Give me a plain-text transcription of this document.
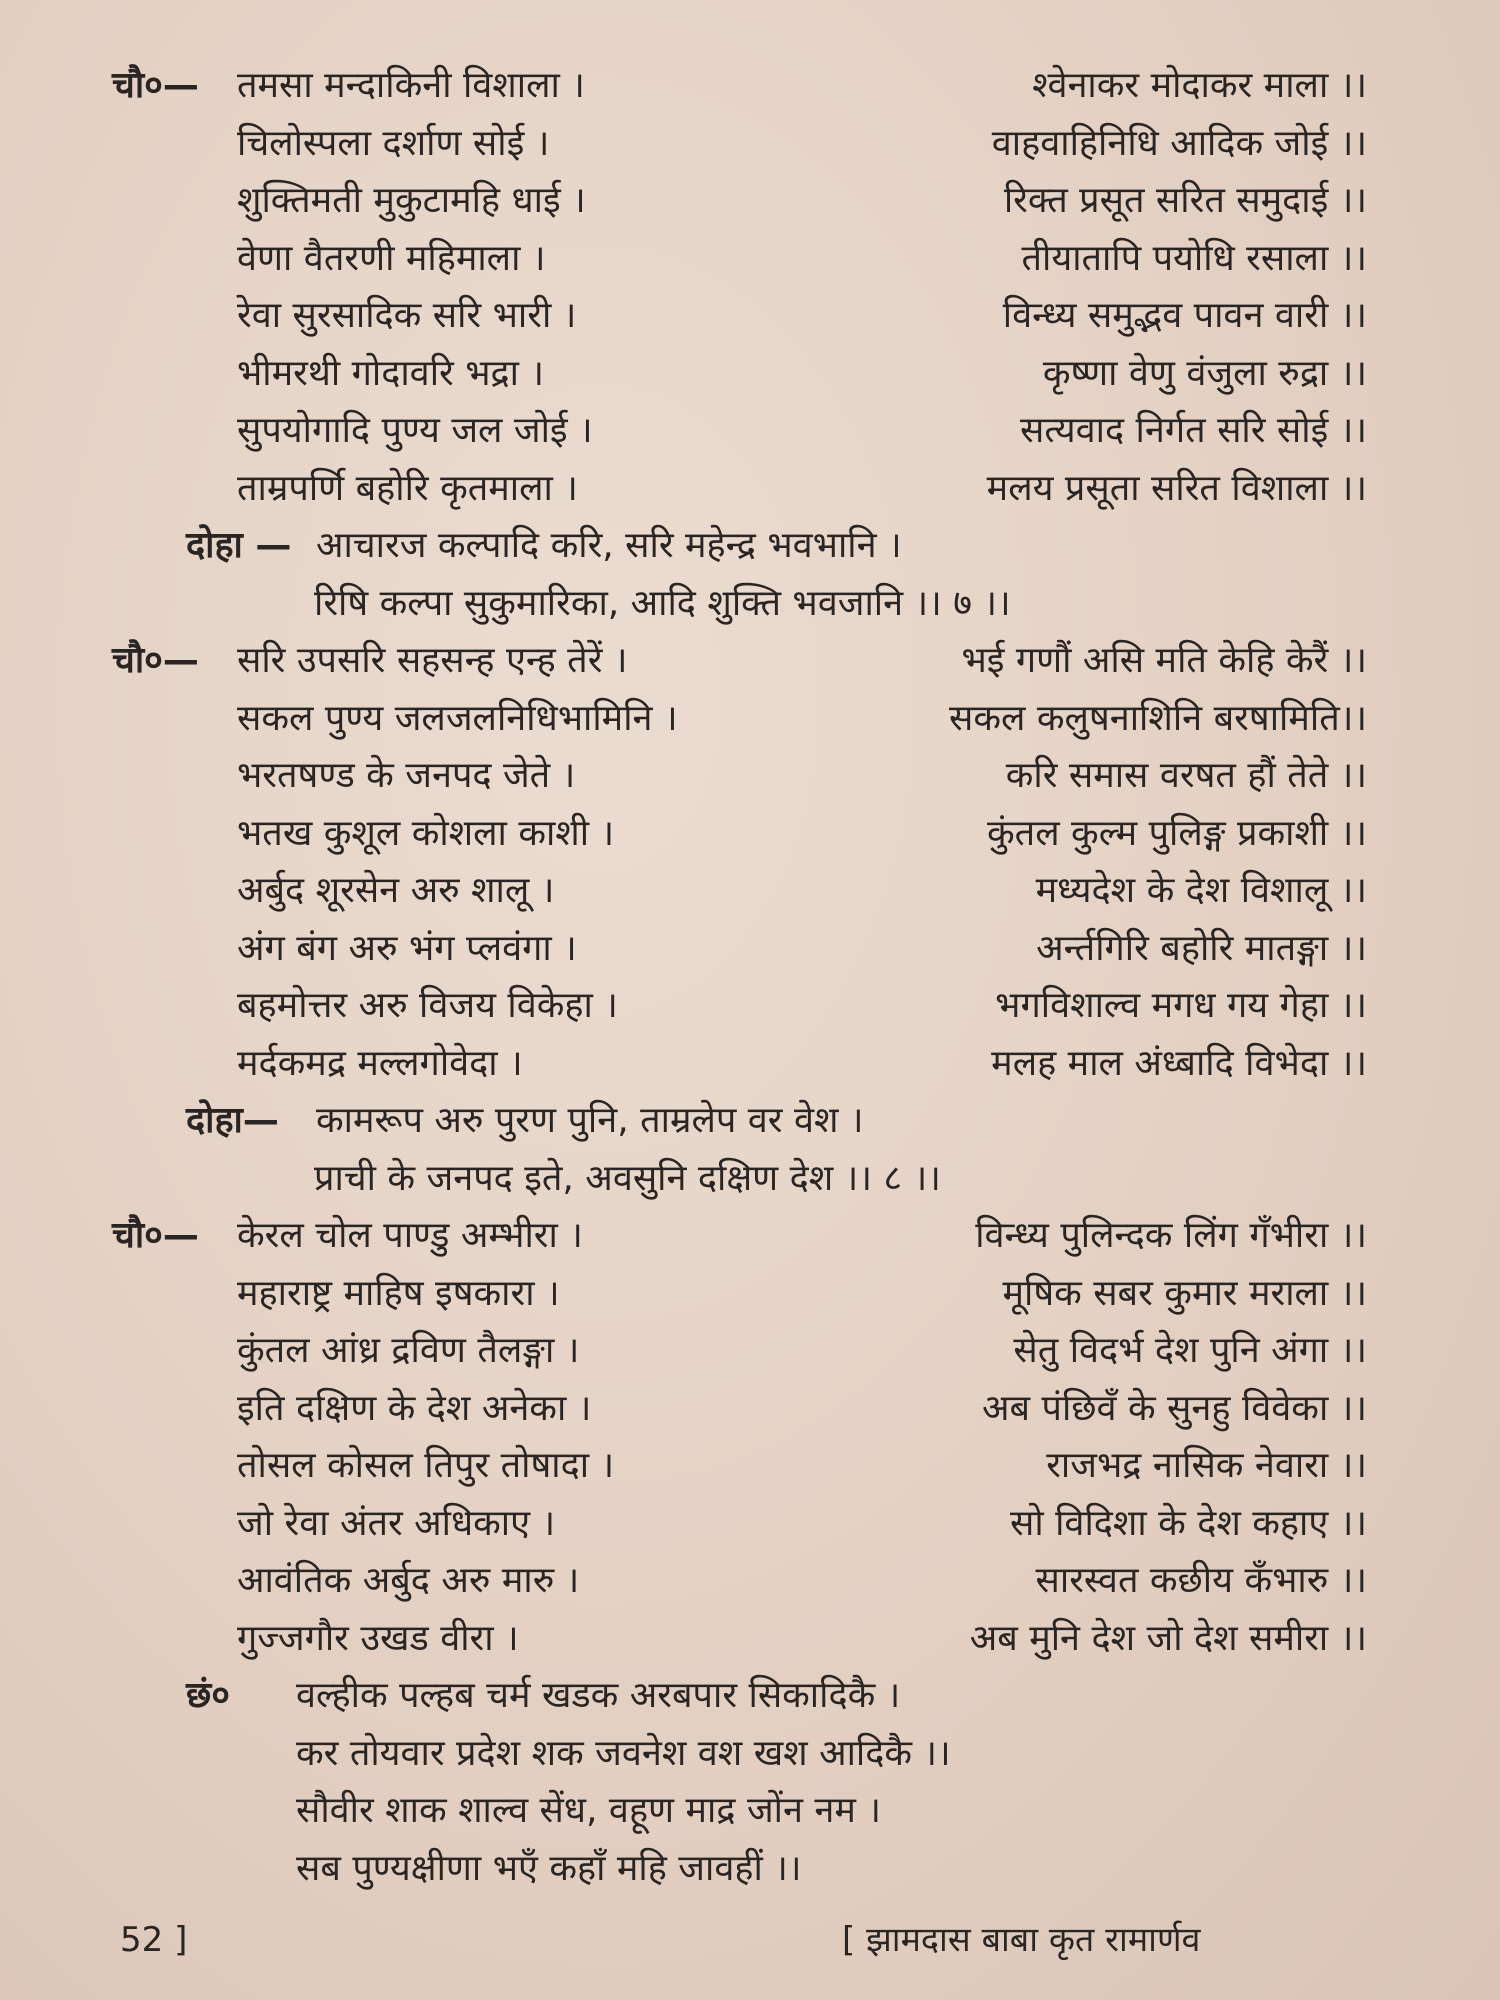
चौ०— तमसा मन्दाकिनी विशाला ।	श्वेनाकर मोदाकर माला ।।
चिलोस्पला दर्शाण सोई ।	वाहवाहिनिधि आदिक जोई ।।
शुक्तिमती मुकुटामहि धाई ।	रिक्त प्रसूत सरित समुदाई ।।
वेणा वैतरणी महिमाला ।	तीयातापि पयोधि रसाला ।।
रेवा सुरसादिक सरि भारी ।	विन्ध्य समुद्भव पावन वारी ।।
भीमरथी गोदावरि भद्रा ।	कृष्णा वेणु वंजुला रुद्रा ।।
सुपयोगादि पुण्य जल जोई ।	सत्यवाद निर्गत सरि सोई ।।
ताम्रपर्णि बहोरि कृतमाला ।	मलय प्रसूता सरित विशाला ।।
दोहा — आचारज कल्पादि करि, सरि महेन्द्र भवभानि ।
रिषि कल्पा सुकुमारिका, आदि शुक्ति भवजानि ।। ७ ।।
चौ०— सरि उपसरि सहसन्ह एन्ह तेरें ।	भई गणौं असि मति केहि केरैं ।।
सकल पुण्य जलजलनिधिभामिनि ।	सकल कलुषनाशिनि बरषामिति।।
भरतषण्ड के जनपद जेते ।	करि समास वरषत हौं तेते ।।
भतख कुशूल कोशला काशी ।	कुंतल कुल्म पुलिङ्ग प्रकाशी ।।
अर्बुद शूरसेन अरु शालू ।	मध्यदेश के देश विशालू ।।
अंग बंग अरु भंग प्लवंगा ।	अर्न्तगिरि बहोरि मातङ्गा ।।
बहमोत्तर अरु विजय विकेहा ।	भगविशाल्व मगध गय गेहा ।।
मर्दकमद्र मल्लगोवेदा ।	मलह माल अंध्बादि विभेदा ।।
दोहा— कामरूप अरु पुरण पुनि, ताम्रलेप वर वेश ।
प्राची के जनपद इते, अवसुनि दक्षिण देश ।। ८ ।।
चौ०— केरल चोल पाण्डु अम्भीरा ।	विन्ध्य पुलिन्दक लिंग गँभीरा ।।
महाराष्ट्र माहिष इषकारा ।	मूषिक सबर कुमार मराला ।।
कुंतल आंध्र द्रविण तैलङ्गा ।	सेतु विदर्भ देश पुनि अंगा ।।
इति दक्षिण के देश अनेका ।	अब पंछिवँ के सुनहु विवेका ।।
तोसल कोसल तिपुर तोषादा ।	राजभद्र नासिक नेवारा ।।
जो रेवा अंतर अधिकाए ।	सो विदिशा के देश कहाए ।।
आवंतिक अर्बुद अरु मारु ।	सारस्वत कछीय कँभारु ।।
गुज्जगौर उखड वीरा ।	अब मुनि देश जो देश समीरा ।।
छं० वल्हीक पल्हब चर्म खडक अरबपार सिकादिकै ।
कर तोयवार प्रदेश शक जवनेश वश खश आदिकै ।।
सौवीर शाक शाल्व सेंध, वहूण माद्र जोंन नम ।
सब पुण्यक्षीणा भएँ कहाँ महि जावहीं ।।
52 ]	[ झामदास बाबा कृत रामार्णव
